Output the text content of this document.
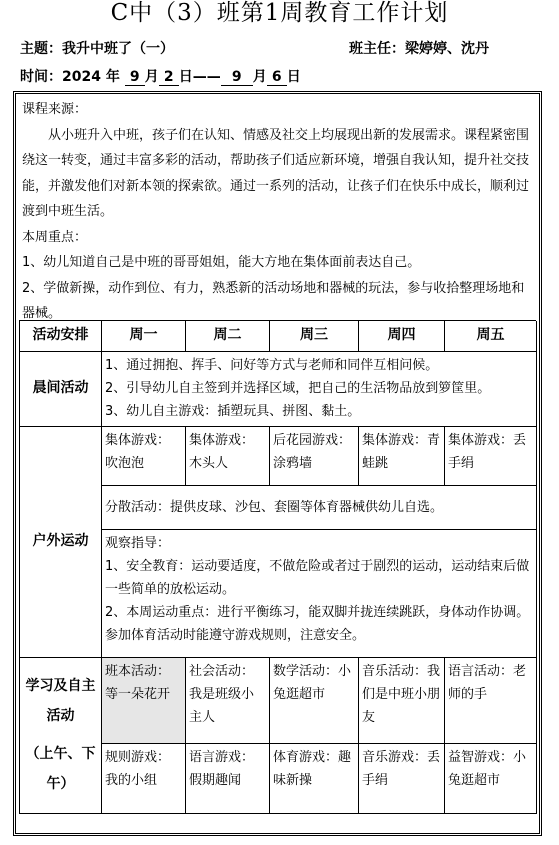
C中（3）班第1周教育工作计划
主题：我升中班了（一）	班主任：梁婷婷、沈丹
时间：2024 年 9 月 2 日—— 9 月 6 日

课程来源：

从小班升入中班，孩子们在认知、情感及社交上均展现出新的发展需求。课程紧密围绕这一转变，通过丰富多彩的活动，帮助孩子们适应新环境，增强自我认知，提升社交技能，并激发他们对新本领的探索欲。通过一系列的活动，让孩子们在快乐中成长，顺利过渡到中班生活。

本周重点：

1、幼儿知道自己是中班的哥哥姐姐，能大方地在集体面前表达自己。

2、学做新操，动作到位、有力，熟悉新的活动场地和器械的玩法，参与收拾整理场地和器械。

活动安排	周一	周二	周三	周四	周五
晨间活动	1、通过拥抱、挥手、问好等方式与老师和同伴互相问候。
2、引导幼儿自主签到并选择区域，把自己的生活物品放到箩筐里。
3、幼儿自主游戏：插塑玩具、拼图、黏土。				

户外运动	集体游戏：吹泡泡	集体游戏：木头人	后花园游戏：涂鸦墙	集体游戏：青蛙跳	集体游戏：丢手绢
	分散活动：提供皮球、沙包、套圈等体育器械供幼儿自选。				

	观察指导：
1、安全教育：运动要适度，不做危险或者过于剧烈的运动，运动结束后做一些简单的放松运动。
2、本周运动重点：进行平衡练习，能双脚并拢连续跳跃，身体动作协调。参加体育活动时能遵守游戏规则，注意安全。				

学习及自主活动
（上午、下午）	班本活动：等一朵花开	社会活动：我是班级小主人	数学活动：小兔逛超市	音乐活动：我们是中班小朋友	语言活动：老师的手
	规则游戏：我的小组	语言游戏：假期趣闻	体育游戏：趣味新操	音乐游戏：丢手绢	益智游戏：小兔逛超市
